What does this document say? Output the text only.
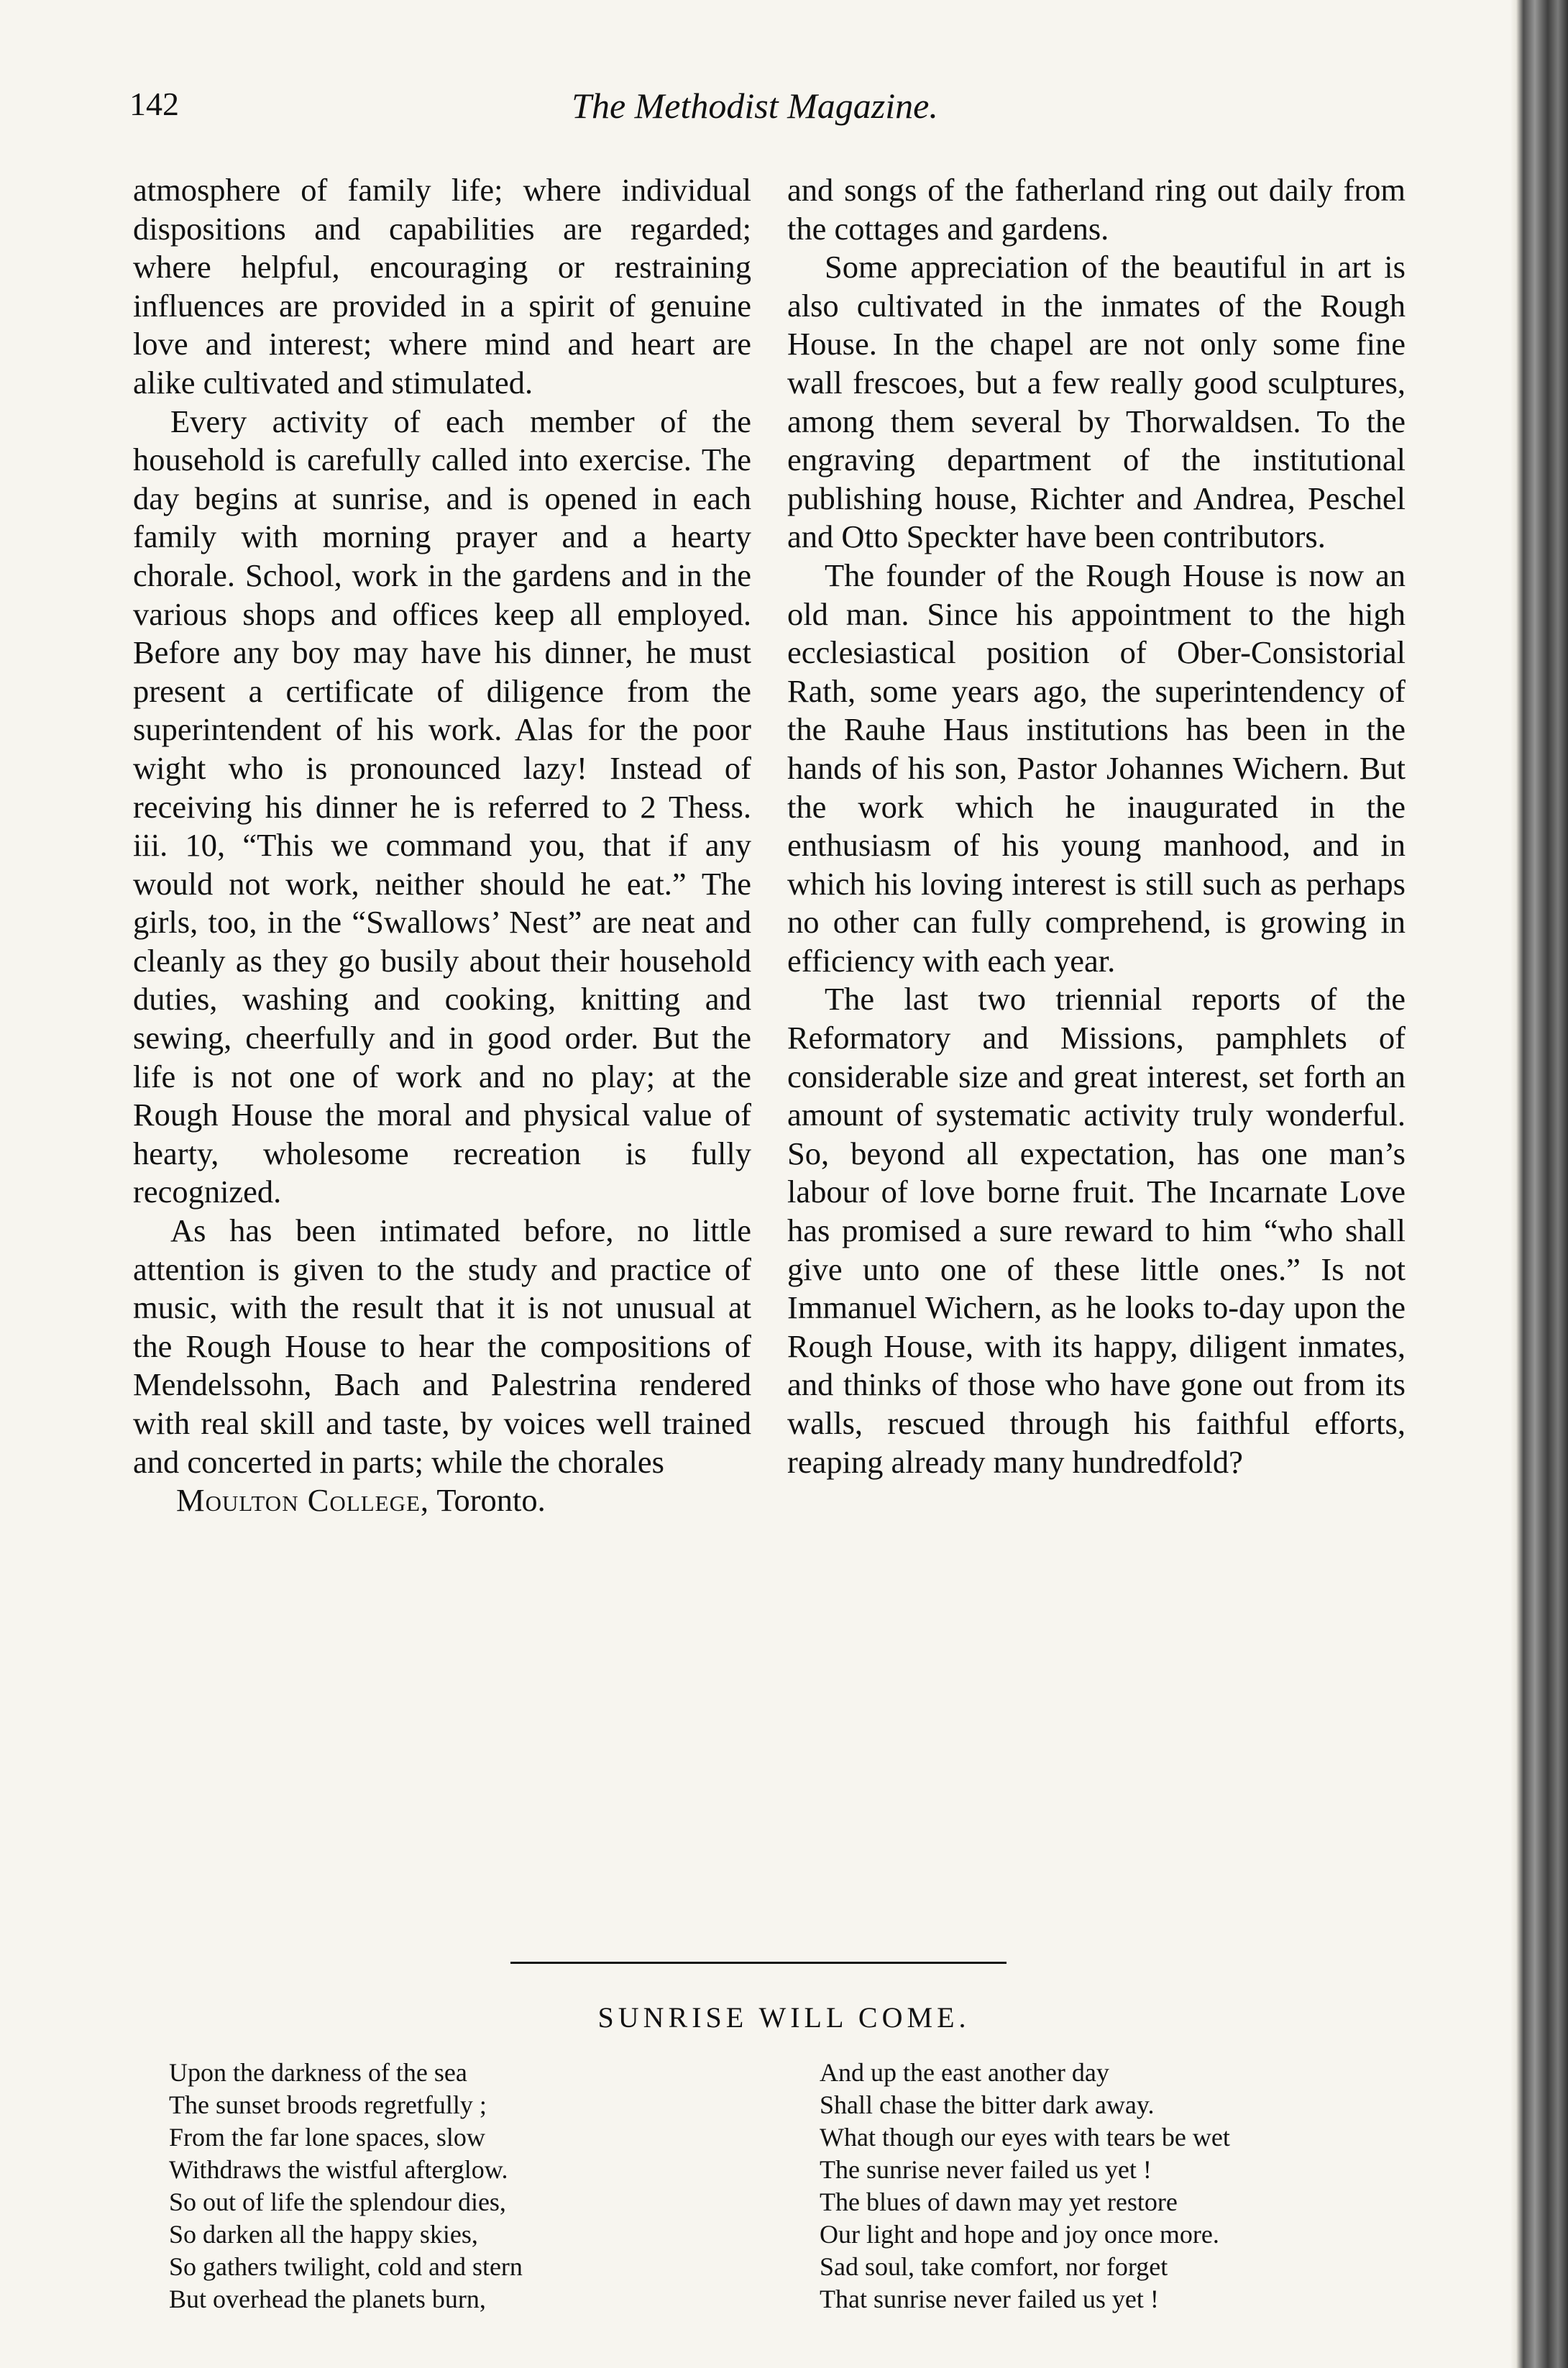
142	The Methodist Magazine.

atmosphere of family life; where individual dispositions and capabilities are regarded; where helpful, encouraging or restraining influences are provided in a spirit of genuine love and interest; where mind and heart are alike cultivated and stimulated.

Every activity of each member of the household is carefully called into exercise. The day begins at sunrise, and is opened in each family with morning prayer and a hearty chorale. School, work in the gardens and in the various shops and offices keep all employed. Before any boy may have his dinner, he must present a certificate of diligence from the superintendent of his work. Alas for the poor wight who is pronounced lazy! Instead of receiving his dinner he is referred to 2 Thess. iii. 10, “This we command you, that if any would not work, neither should he eat.” The girls, too, in the “Swallows’ Nest” are neat and cleanly as they go busily about their household duties, washing and cooking, knitting and sewing, cheerfully and in good order. But the life is not one of work and no play; at the Rough House the moral and physical value of hearty, wholesome recreation is fully recognized.

As has been intimated before, no little attention is given to the study and practice of music, with the result that it is not unusual at the Rough House to hear the compositions of Mendelssohn, Bach and Palestrina rendered with real skill and taste, by voices well trained and concerted in parts; while the chorales

Moulton College, Toronto.

and songs of the fatherland ring out daily from the cottages and gardens.

Some appreciation of the beautiful in art is also cultivated in the inmates of the Rough House. In the chapel are not only some fine wall frescoes, but a few really good sculptures, among them several by Thorwaldsen. To the engraving department of the institutional publishing house, Richter and Andrea, Peschel and Otto Speckter have been contributors.

The founder of the Rough House is now an old man. Since his appointment to the high ecclesiastical position of Ober-Consistorial Rath, some years ago, the superintendency of the Rauhe Haus institutions has been in the hands of his son, Pastor Johannes Wichern. But the work which he inaugurated in the enthusiasm of his young manhood, and in which his loving interest is still such as perhaps no other can fully comprehend, is growing in efficiency with each year.

The last two triennial reports of the Reformatory and Missions, pamphlets of considerable size and great interest, set forth an amount of systematic activity truly wonderful. So, beyond all expectation, has one man’s labour of love borne fruit. The Incarnate Love has promised a sure reward to him “who shall give unto one of these little ones.” Is not Immanuel Wichern, as he looks to-day upon the Rough House, with its happy, diligent inmates, and thinks of those who have gone out from its walls, rescued through his faithful efforts, reaping already many hundredfold?

SUNRISE WILL COME.
Upon the darkness of the sea
The sunset broods regretfully ;
From the far lone spaces, slow
Withdraws the wistful afterglow.
So out of life the splendour dies,
So darken all the happy skies,
So gathers twilight, cold and stern
But overhead the planets burn,
And up the east another day
Shall chase the bitter dark away.
What though our eyes with tears be wet
The sunrise never failed us yet !
The blues of dawn may yet restore
Our light and hope and joy once more.
Sad soul, take comfort, nor forget
That sunrise never failed us yet !
